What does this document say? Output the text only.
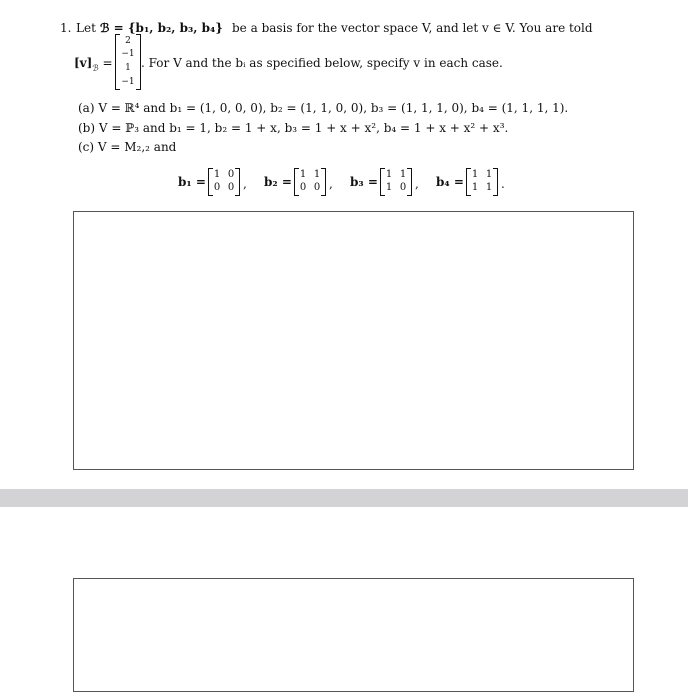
1. Let ℬ = {b₁, b₂, b₃, b₄} be a basis for the vector space V, and let v ∈ V. You are told
$[v]_ℬ$ =
2
−1
1
−1
. For V and the bᵢ as specified below, specify v in each case.
(a) V = ℝ⁴ and b₁ = (1, 0, 0, 0), b₂ = (1, 1, 0, 0), b₃ = (1, 1, 1, 0), b₄ = (1, 1, 1, 1).
(b) V = ℙ₃ and b₁ = 1, b₂ = 1 + x, b₃ = 1 + x + x², b₄ = 1 + x + x² + x³.
(c) V = M₂,₂ and
b₁ =
1 0
0 0 , b₂ =
1 1
0 0 , b₃ =
1 1
1 0 , b₄ =
1 1
1 1 .
